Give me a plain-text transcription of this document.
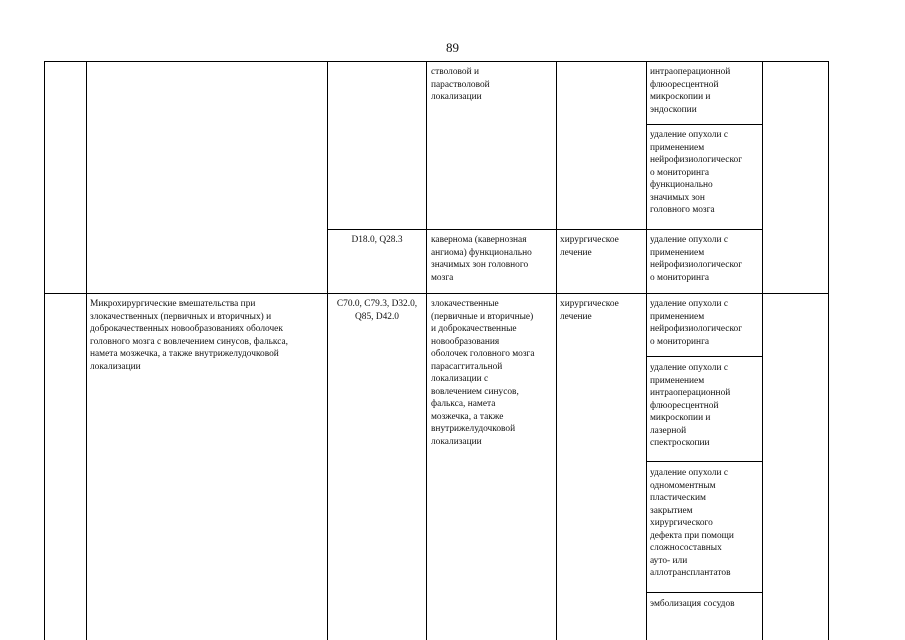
89
стволовой и
парастволовой
локализации
интраоперационной
флюоресцентной
микроскопии и
эндоскопии
удаление опухоли с
применением
нейрофизиологическог
о мониторинга
функционально
значимых зон
головного мозга
D18.0, Q28.3	кавернома (кавернозная
ангиома) функционально
значимых зон головного
мозга
хирургическое
лечение
удаление опухоли с
применением
нейрофизиологическог
о мониторинга
Микрохирургические вмешательства при
злокачественных (первичных и вторичных) и
доброкачественных новообразованиях оболочек
головного мозга с вовлечением синусов, фалькса,
намета мозжечка, а также внутрижелудочковой
локализации
C70.0, C79.3, D32.0,
Q85, D42.0
злокачественные
(первичные и вторичные)
и доброкачественные
новообразования
оболочек головного мозга
парасаггитальной
локализации с
вовлечением синусов,
фалькса, намета
мозжечка, а также
внутрижелудочковой
локализации
хирургическое
лечение
удаление опухоли с
применением
нейрофизиологическог
о мониторинга
удаление опухоли с
применением
интраоперационной
флюоресцентной
микроскопии и
лазерной
спектроскопии
удаление опухоли с
одномоментным
пластическим
закрытием
хирургического
дефекта при помощи
сложносоставных
ауто- или
аллотрансплантатов
эмболизация сосудов
